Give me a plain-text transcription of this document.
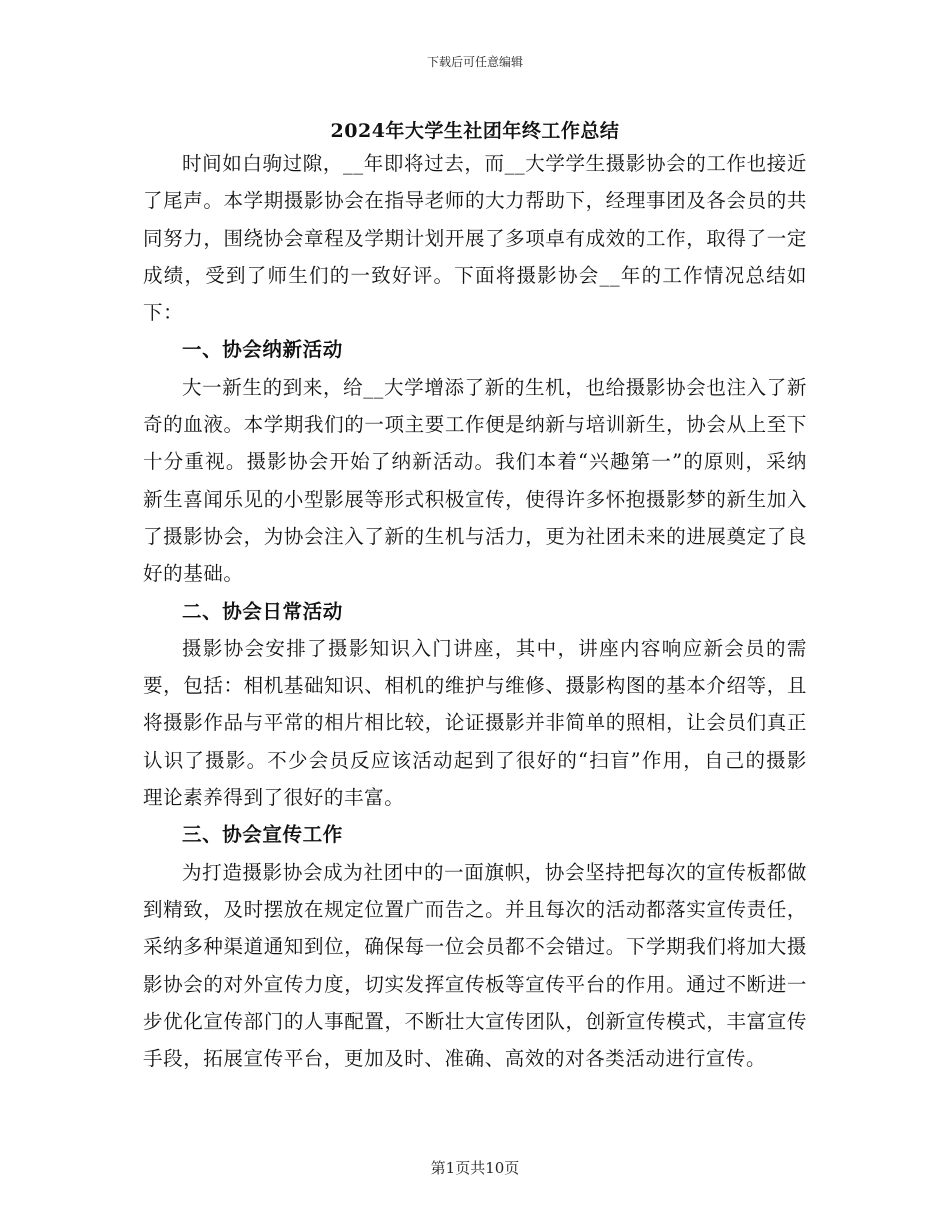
下载后可任意编辑
2024年大学生社团年终工作总结

时间如白驹过隙，__年即将过去，而__大学学生摄影协会的工作也接近了尾声。本学期摄影协会在指导老师的大力帮助下，经理事团及各会员的共同努力，围绕协会章程及学期计划开展了多项卓有成效的工作，取得了一定成绩，受到了师生们的一致好评。下面将摄影协会__年的工作情况总结如下：

一、协会纳新活动

大一新生的到来，给__大学增添了新的生机，也给摄影协会也注入了新奇的血液。本学期我们的一项主要工作便是纳新与培训新生，协会从上至下十分重视。摄影协会开始了纳新活动。我们本着“兴趣第一”的原则，采纳新生喜闻乐见的小型影展等形式积极宣传，使得许多怀抱摄影梦的新生加入了摄影协会，为协会注入了新的生机与活力，更为社团未来的进展奠定了良好的基础。

二、协会日常活动

摄影协会安排了摄影知识入门讲座，其中，讲座内容响应新会员的需要，包括：相机基础知识、相机的维护与维修、摄影构图的基本介绍等，且将摄影作品与平常的相片相比较，论证摄影并非简单的照相，让会员们真正认识了摄影。不少会员反应该活动起到了很好的“扫盲”作用，自己的摄影理论素养得到了很好的丰富。

三、协会宣传工作

为打造摄影协会成为社团中的一面旗帜，协会坚持把每次的宣传板都做到精致，及时摆放在规定位置广而告之。并且每次的活动都落实宣传责任，采纳多种渠道通知到位，确保每一位会员都不会错过。下学期我们将加大摄影协会的对外宣传力度，切实发挥宣传板等宣传平台的作用。通过不断进一步优化宣传部门的人事配置，不断壮大宣传团队，创新宣传模式，丰富宣传手段，拓展宣传平台，更加及时、准确、高效的对各类活动进行宣传。

第1页共10页
